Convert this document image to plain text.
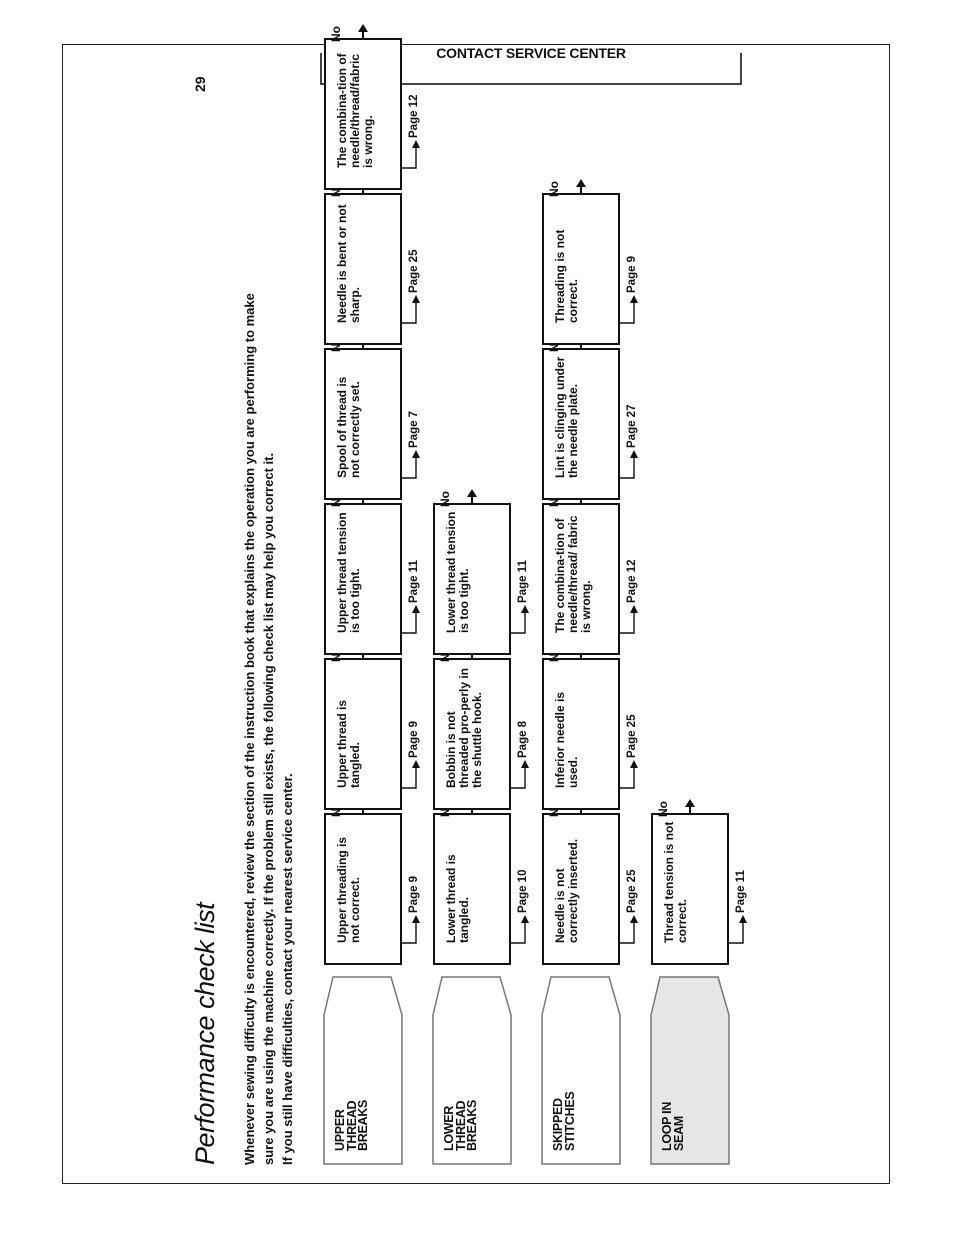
Performance check list
29
Whenever sewing difficulty is encountered, review the section of the instruction book that explains the operation you are performing to make sure you are using the machine correctly. If the problem still exists, the following check list may help you correct it. If you still have difficulties, contact your nearest service center.
CONTACT SERVICE CENTER
UPPER
THREAD
BREAKS
Upper threading is not correct.	Page 9
Upper thread is tangled.
Page 9
Upper thread tension is too tight.	Page 11
Spool of thread is not correctly set.	Page 7
Needle is bent or not sharp.
Page 25
The combina-tion of needle/thread/fabric is wrong.	Page 12
No
LOWER
THREAD
BREAKS
Lower thread is tangled.
Page 10
Bobbin is not threaded pro-perly in the shuttle hook.	Page 8
Lower thread tension is too tight.	Page 11
No
SKIPPED
STITCHES
Needle is not correctly inserted.	Page 25
Inferior needle is used.
Page 25
The combina-tion of needle/thread/ fabric is wrong.	Page 12
Lint is clinging under the needle plate.	Page 27
Threading is not correct.
Page 9
No
LOOP IN
SEAM
Thread tension is not correct.
Page 11
No
